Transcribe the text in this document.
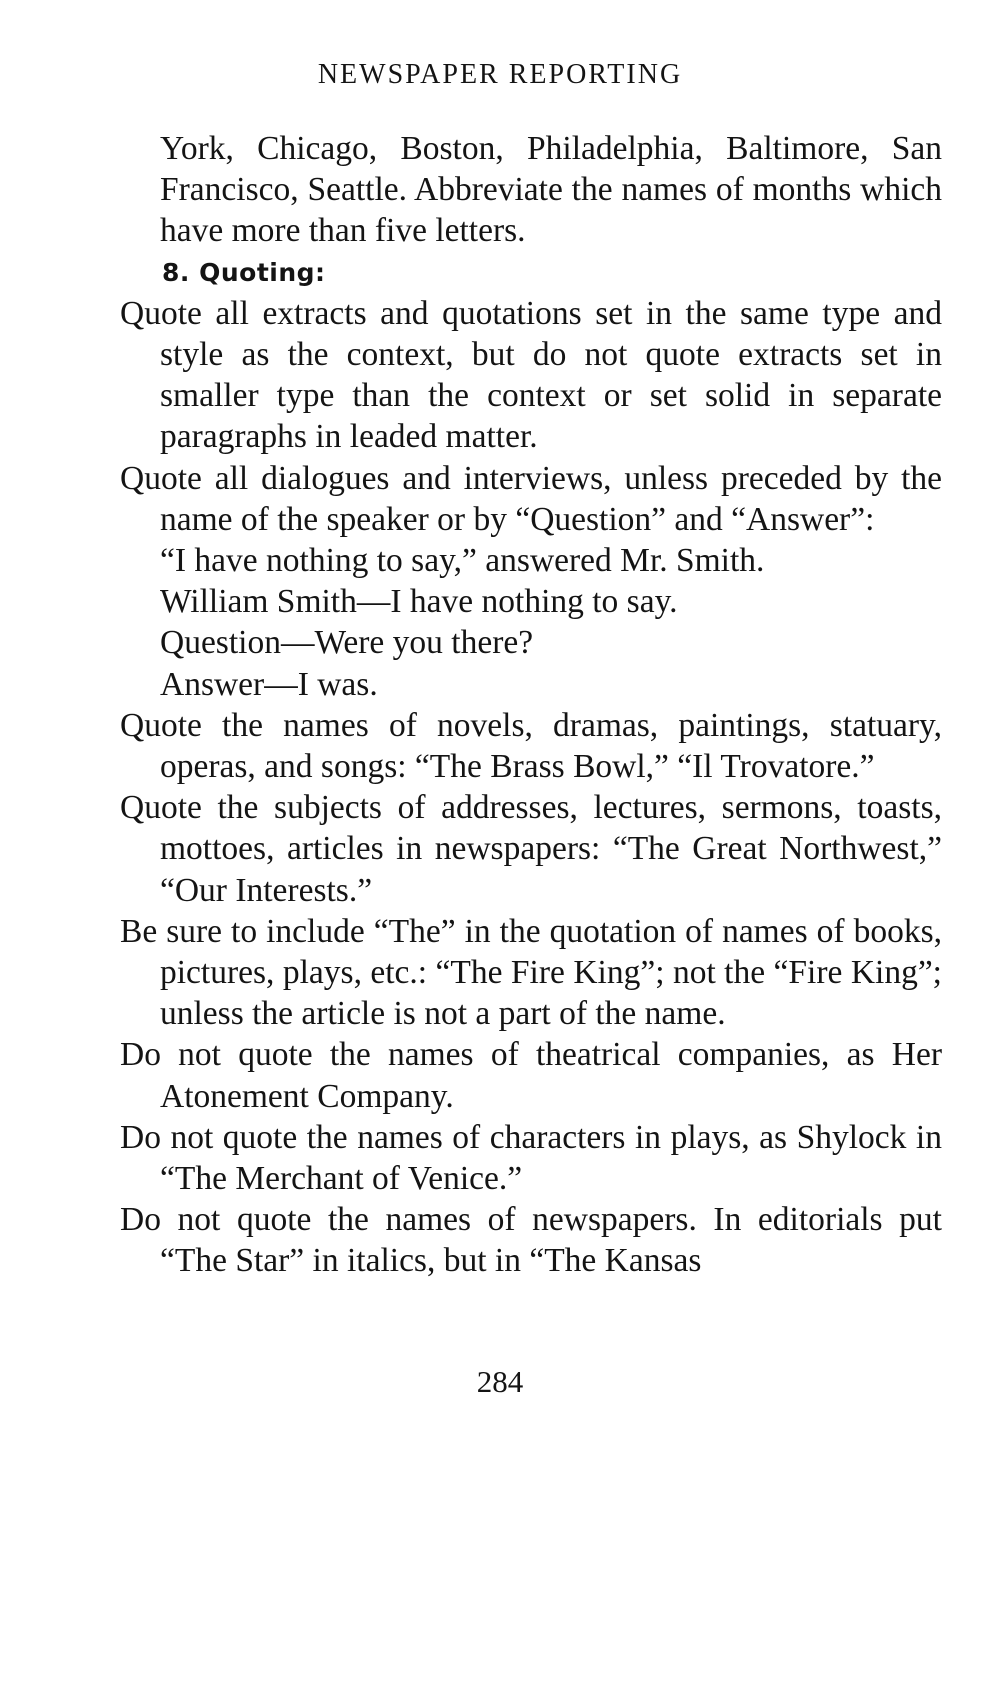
NEWSPAPER REPORTING

York, Chicago, Boston, Philadelphia, Baltimore, San Francisco, Seattle. Abbreviate the names of months which have more than five letters.

8. Quoting:

Quote all extracts and quotations set in the same type and style as the context, but do not quote extracts set in smaller type than the context or set solid in separate paragraphs in leaded matter.

Quote all dialogues and interviews, unless preceded by the name of the speaker or by “Question” and “Answer”:

“I have nothing to say,” answered Mr. Smith.

William Smith—I have nothing to say.

Question—Were you there?

Answer—I was.

Quote the names of novels, dramas, paintings, statuary, operas, and songs: “The Brass Bowl,” “Il Trovatore.”

Quote the subjects of addresses, lectures, sermons, toasts, mottoes, articles in newspapers: “The Great Northwest,” “Our Interests.”

Be sure to include “The” in the quotation of names of books, pictures, plays, etc.: “The Fire King”; not the “Fire King”; unless the article is not a part of the name.

Do not quote the names of theatrical companies, as Her Atonement Company.

Do not quote the names of characters in plays, as Shylock in “The Merchant of Venice.”

Do not quote the names of newspapers. In editorials put “The Star” in italics, but in “The Kansas

284
